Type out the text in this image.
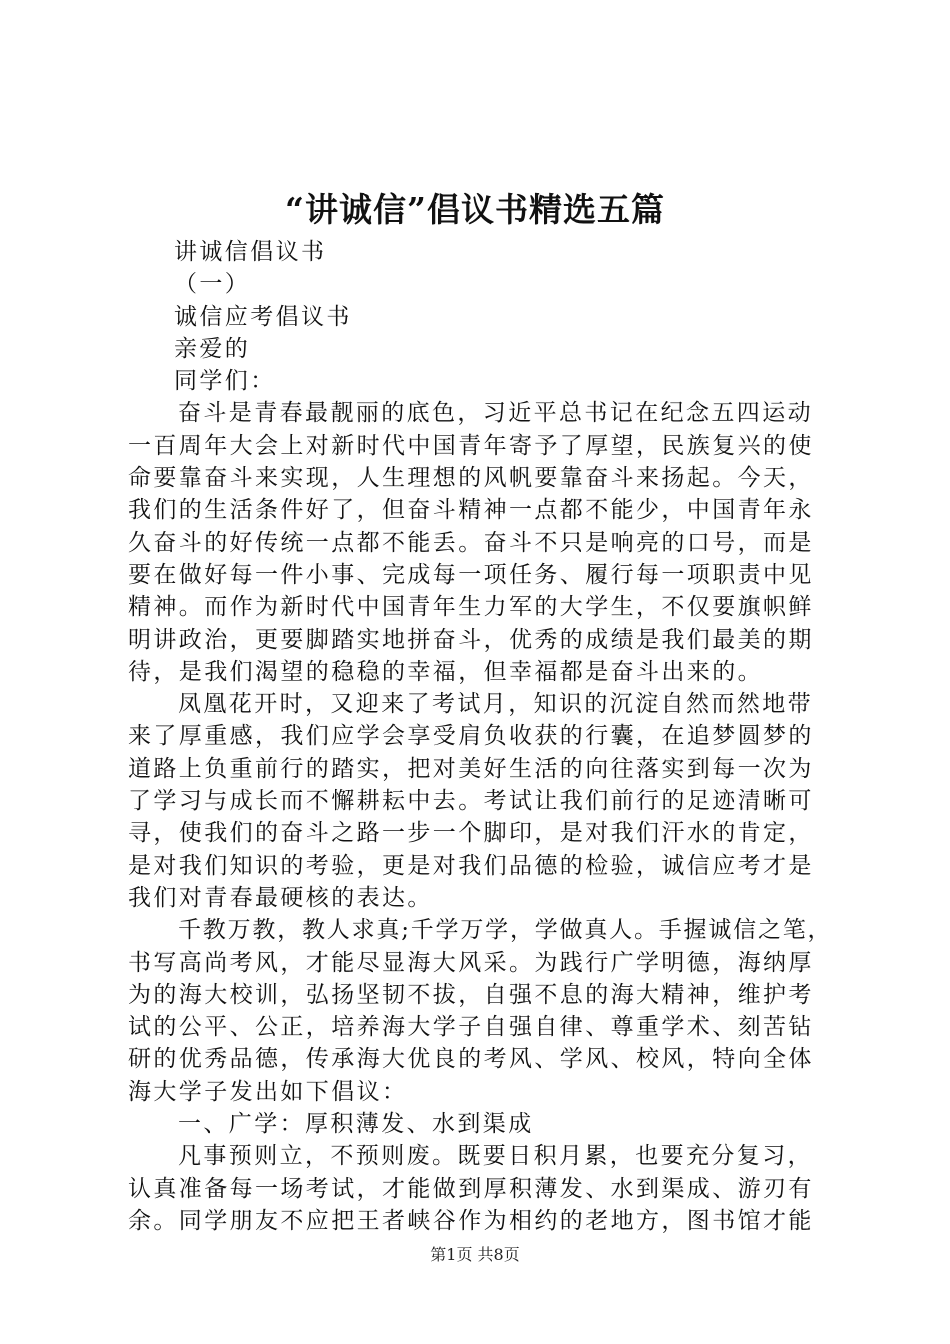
“讲诚信”倡议书精选五篇
讲诚信倡议书
（一）
诚信应考倡议书
亲爱的
同学们：
奋斗是青春最靓丽的底色，习近平总书记在纪念五四运动
一百周年大会上对新时代中国青年寄予了厚望，民族复兴的使
命要靠奋斗来实现，人生理想的风帆要靠奋斗来扬起。今天，
我们的生活条件好了，但奋斗精神一点都不能少，中国青年永
久奋斗的好传统一点都不能丢。奋斗不只是响亮的口号，而是
要在做好每一件小事、完成每一项任务、履行每一项职责中见
精神。而作为新时代中国青年生力军的大学生，不仅要旗帜鲜
明讲政治，更要脚踏实地拼奋斗，优秀的成绩是我们最美的期
待，是我们渴望的稳稳的幸福，但幸福都是奋斗出来的。
凤凰花开时，又迎来了考试月，知识的沉淀自然而然地带
来了厚重感，我们应学会享受肩负收获的行囊，在追梦圆梦的
道路上负重前行的踏实，把对美好生活的向往落实到每一次为
了学习与成长而不懈耕耘中去。考试让我们前行的足迹清晰可
寻，使我们的奋斗之路一步一个脚印，是对我们汗水的肯定，
是对我们知识的考验，更是对我们品德的检验，诚信应考才是
我们对青春最硬核的表达。
千教万教，教人求真;千学万学，学做真人。手握诚信之笔，
书写高尚考风，才能尽显海大风采。为践行广学明德，海纳厚
为的海大校训，弘扬坚韧不拔，自强不息的海大精神，维护考
试的公平、公正，培养海大学子自强自律、尊重学术、刻苦钻
研的优秀品德，传承海大优良的考风、学风、校风，特向全体
海大学子发出如下倡议：
一、广学：厚积薄发、水到渠成
凡事预则立，不预则废。既要日积月累，也要充分复习，
认真准备每一场考试，才能做到厚积薄发、水到渠成、游刃有
余。同学朋友不应把王者峡谷作为相约的老地方，图书馆才能
第1页 共8页
